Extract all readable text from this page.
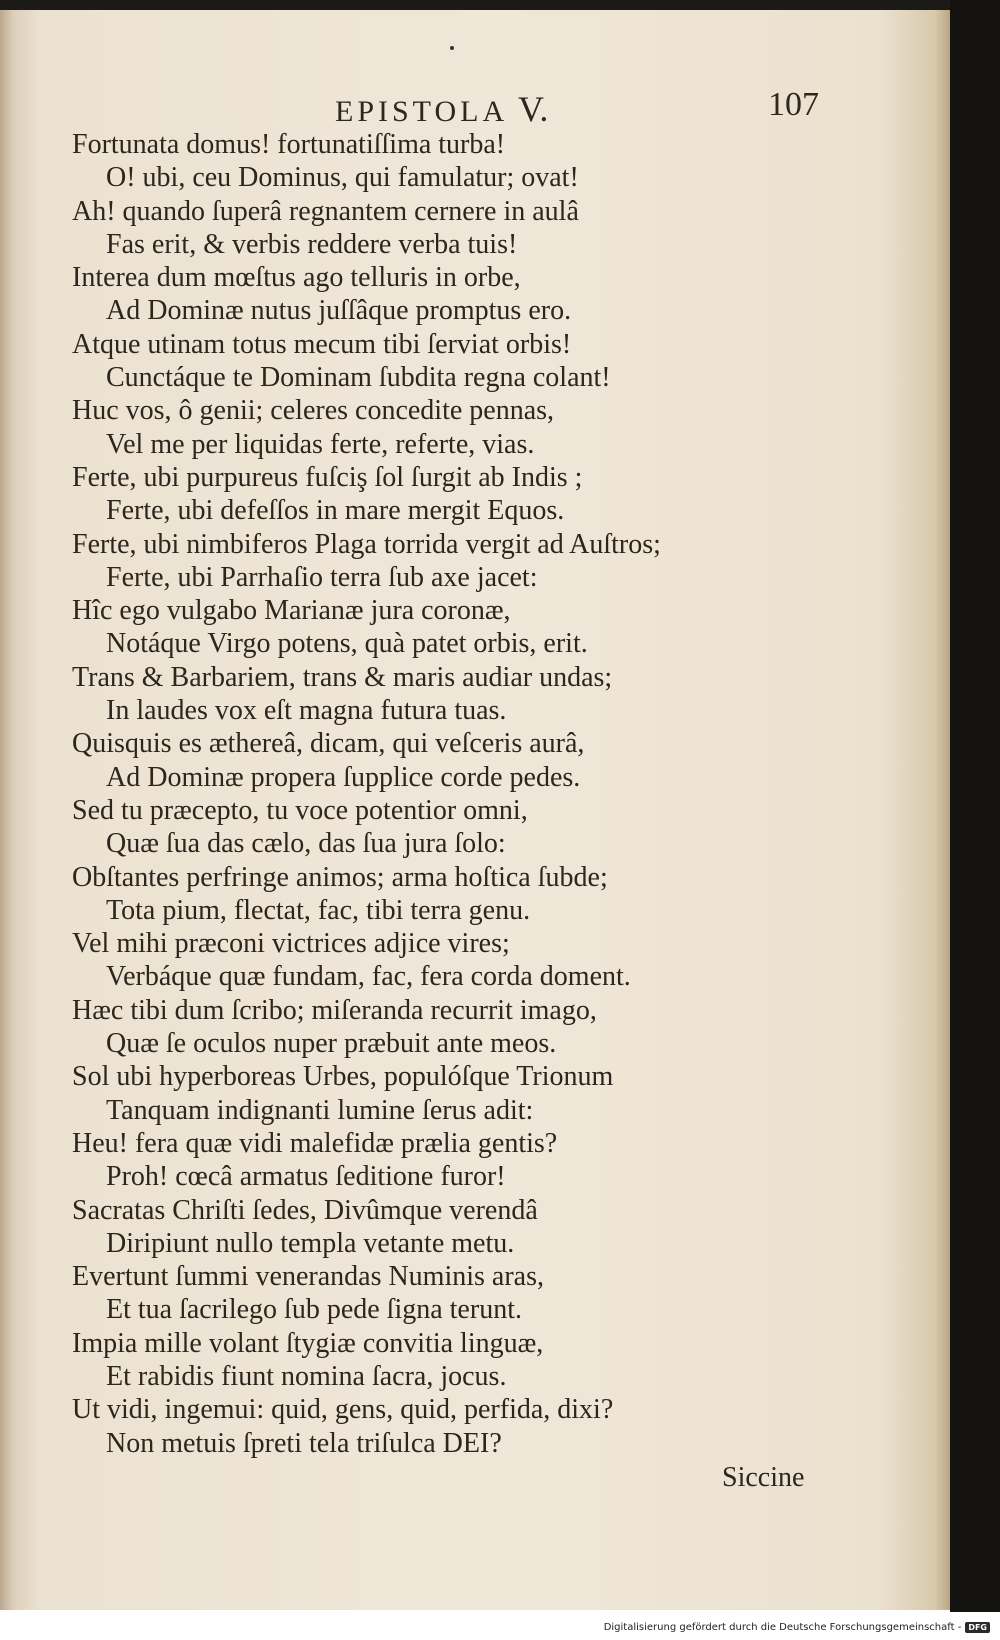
EPISTOLA V.	107
Fortunata domus! fortunatiſſima turba!
O! ubi, ceu Dominus, qui famulatur; ovat!
Ah! quando ſuperâ regnantem cernere in aulâ
Fas erit, & verbis reddere verba tuis!
Interea dum mœſtus ago telluris in orbe,
Ad Dominæ nutus juſſâque promptus ero.
Atque utinam totus mecum tibi ſerviat orbis!
Cunctáque te Dominam ſubdita regna colant!
Huc vos, ô genii; celeres concedite pennas,
Vel me per liquidas ferte, referte, vias.
Ferte, ubi purpureus fuſciş ſol ſurgit ab Indis ;
Ferte, ubi defeſſos in mare mergit Equos.
Ferte, ubi nimbiferos Plaga torrida vergit ad Auſtros;
Ferte, ubi Parrhaſio terra ſub axe jacet:
Hîc ego vulgabo Marianæ jura coronæ,
Notáque Virgo potens, quà patet orbis, erit.
Trans & Barbariem, trans & maris audiar undas;
In laudes vox eſt magna futura tuas.
Quisquis es æthereâ, dicam, qui veſceris aurâ,
Ad Dominæ propera ſupplice corde pedes.
Sed tu præcepto, tu voce potentior omni,
Quæ ſua das cælo, das ſua jura ſolo:
Obſtantes perfringe animos; arma hoſtica ſubde;
Tota pium, flectat, fac, tibi terra genu.
Vel mihi præconi victrices adjice vires;
Verbáque quæ fundam, fac, fera corda doment.
Hæc tibi dum ſcribo; miſeranda recurrit imago,
Quæ ſe oculos nuper præbuit ante meos.
Sol ubi hyperboreas Urbes, populóſque Trionum
Tanquam indignanti lumine ſerus adit:
Heu! fera quæ vidi malefidæ prælia gentis?
Proh! cœcâ armatus ſeditione furor!
Sacratas Chriſti ſedes, Divûmque verendâ
Diripiunt nullo templa vetante metu.
Evertunt ſummi venerandas Numinis aras,
Et tua ſacrilego ſub pede ſigna terunt.
Impia mille volant ſtygiæ convitia linguæ,
Et rabidis fiunt nomina ſacra, jocus.
Ut vidi, ingemui: quid, gens, quid, perfida, dixi?
Non metuis ſpreti tela triſulca DEI?
Siccine
Digitalisierung gefördert durch die Deutsche Forschungsgemeinschaft - DFG
